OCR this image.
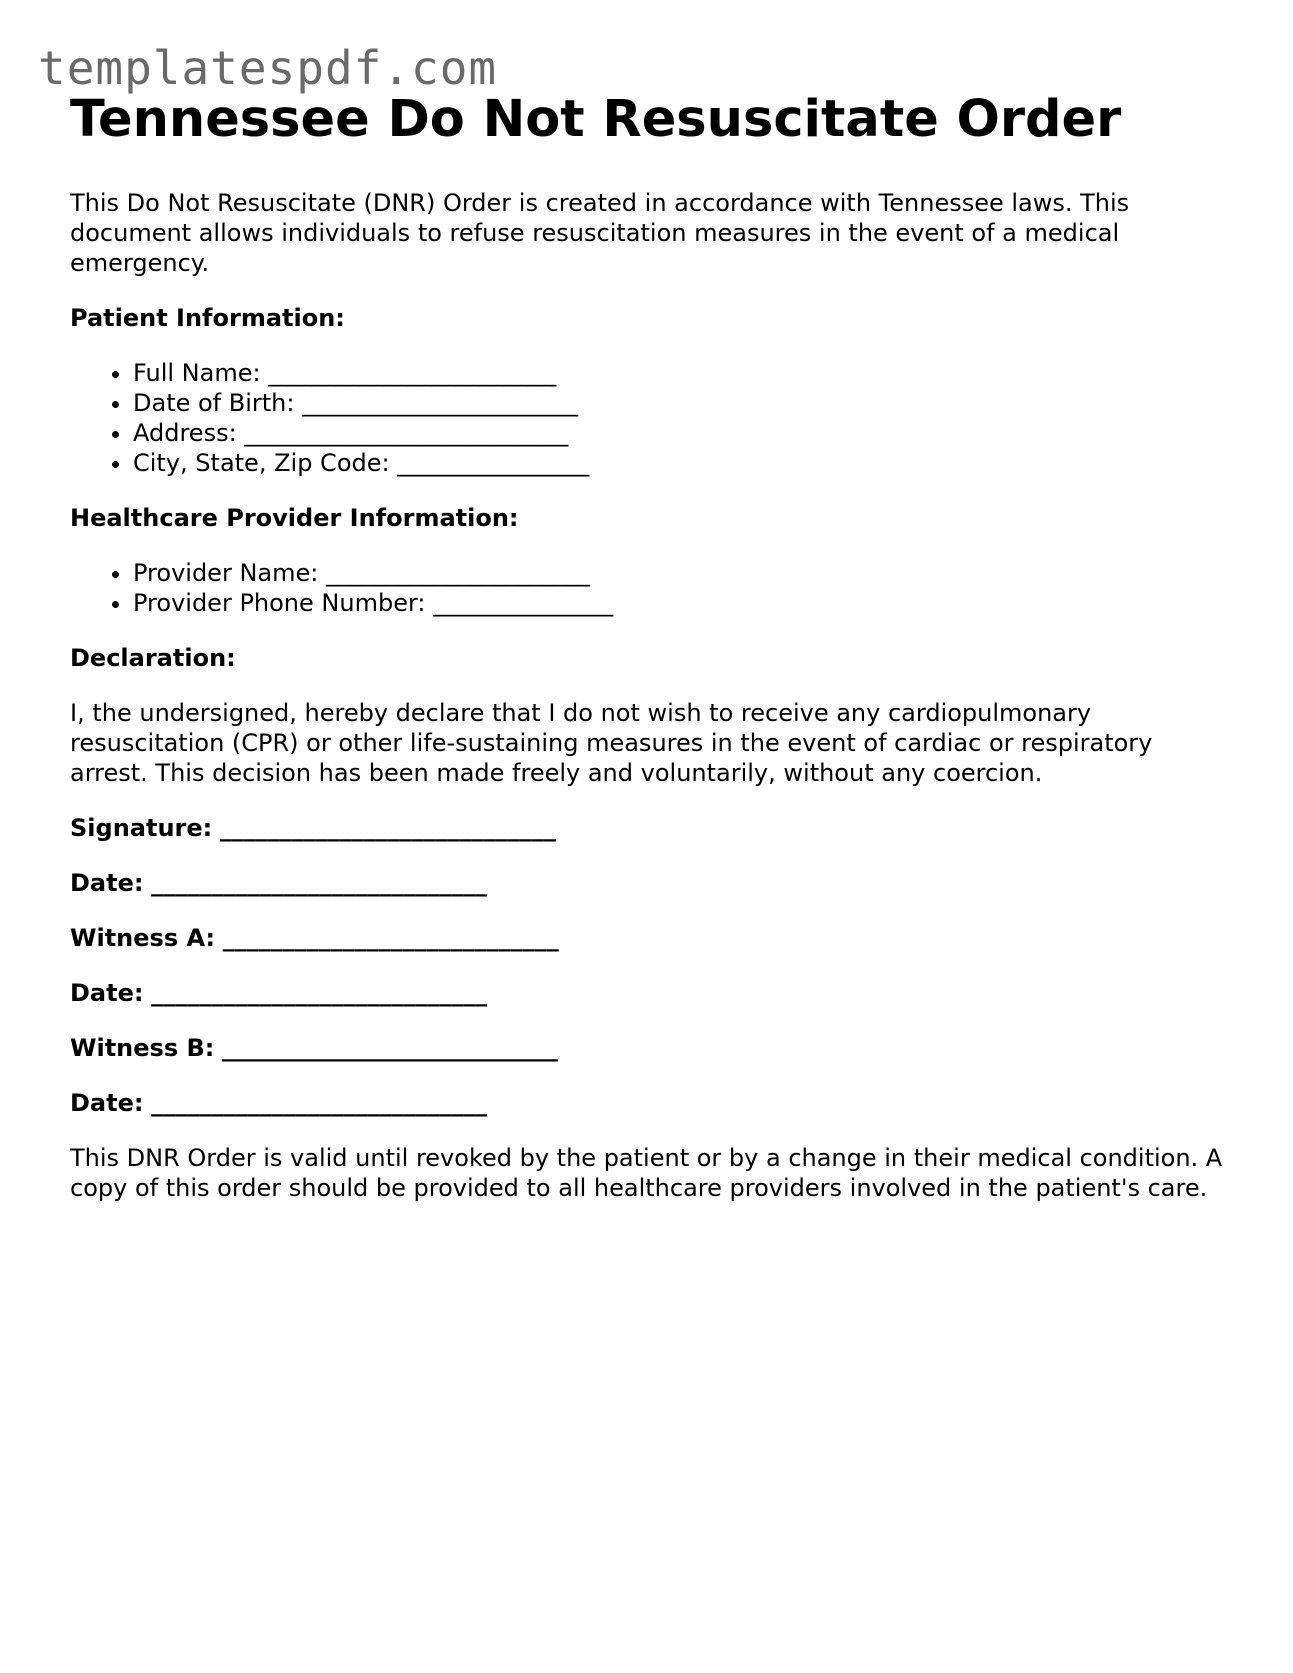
templatespdf.com
Tennessee Do Not Resuscitate Order

This Do Not Resuscitate (DNR) Order is created in accordance with Tennessee laws. This document allows individuals to refuse resuscitation measures in the event of a medical emergency.

Patient Information:
• Full Name: ________________________
• Date of Birth: _______________________
• Address: ___________________________
• City, State, Zip Code: ________________
Healthcare Provider Information:
• Provider Name: ______________________
• Provider Phone Number: _______________
Declaration:

I, the undersigned, hereby declare that I do not wish to receive any cardiopulmonary resuscitation (CPR) or other life-sustaining measures in the event of cardiac or respiratory arrest. This decision has been made freely and voluntarily, without any coercion.

Signature: ____________________________
Date: ____________________________
Witness A: ____________________________
Date: ____________________________
Witness B: ____________________________
Date: ____________________________

This DNR Order is valid until revoked by the patient or by a change in their medical condition. A copy of this order should be provided to all healthcare providers involved in the patient's care.
